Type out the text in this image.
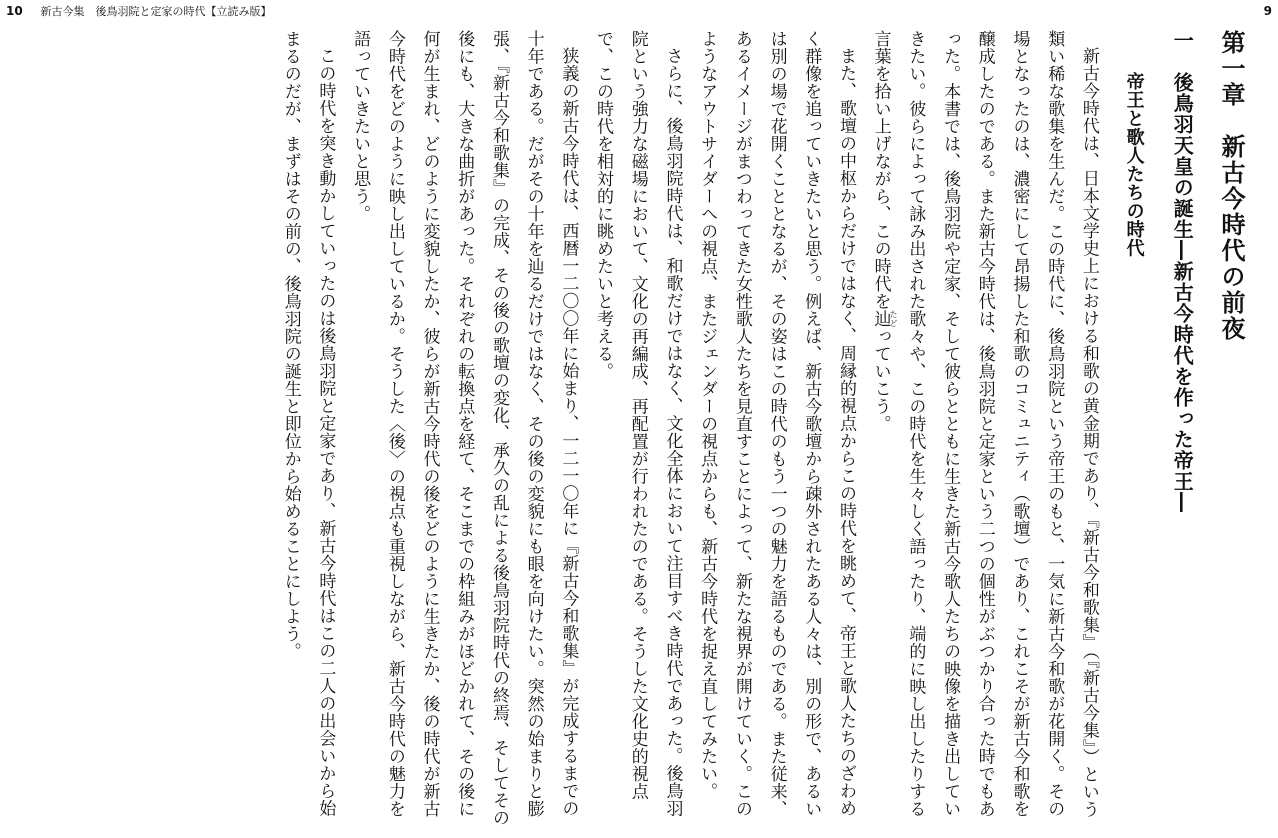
10 新古今集　後鳥羽院と定家の時代【立読み版】	9
第一章　新古今時代の前夜
一　後鳥羽天皇の誕生―新古今時代を作った帝王―
帝王と歌人たちの時代

新古今時代は、日本文学史上における和歌の黄金期であり、『新古今和歌集』（『新古今集』）という類い稀な歌集を生んだ。この時代に、後鳥羽院という帝王のもと、一気に新古今和歌が花開く。その場となったのは、濃密にして昂揚した和歌のコミュニティ（歌壇）であり、これこそが新古今和歌を醸成したのである。また新古今時代は、後鳥羽院と定家という二つの個性がぶつかり合った時でもあった。本書では、後鳥羽院や定家、そして彼らとともに生きた新古今歌人たちの映像を描き出していきたい。彼らによって詠み出された歌々や、この時代を生々しく語ったり、端的に映し出したりする言葉を拾い上げながら、この時代を辿たどっていこう。

また、歌壇の中枢からだけではなく、周縁的視点からこの時代を眺めて、帝王と歌人たちのざわめく群像を追っていきたいと思う。例えば、新古今歌壇から疎外されたある人々は、別の形で、あるいは別の場で花開くこととなるが、その姿はこの時代のもう一つの魅力を語るものである。また従来、あるイメージがまつわってきた女性歌人たちを見直すことによって、新たな視界が開けていく。このようなアウトサイダーへの視点、またジェンダーの視点からも、新古今時代を捉え直してみたい。

さらに、後鳥羽院時代は、和歌だけではなく、文化全体において注目すべき時代であった。後鳥羽院という強力な磁場において、文化の再編成、再配置が行われたのである。そうした文化史的視点で、この時代を相対的に眺めたいと考える。

狭義の新古今時代は、西暦一二〇〇年に始まり、一二一〇年に『新古今和歌集』が完成するまでの十年である。だがその十年を辿るだけではなく、その後の変貌にも眼を向けたい。突然の始まりと膨張、『新古今和歌集』の完成、その後の歌壇の変化、承久の乱による後鳥羽院時代の終焉、そしてその後にも、大きな曲折があった。それぞれの転換点を経て、そこまでの枠組みがほどかれて、その後に何が生まれ、どのように変貌したか、彼らが新古今時代の後をどのように生きたか、後の時代が新古今時代をどのように映し出しているか。そうした〈後〉の視点も重視しながら、新古今時代の魅力を語っていきたいと思う。

この時代を突き動かしていったのは後鳥羽院と定家であり、新古今時代はこの二人の出会いから始まるのだが、まずはその前の、後鳥羽院の誕生と即位から始めることにしよう。
